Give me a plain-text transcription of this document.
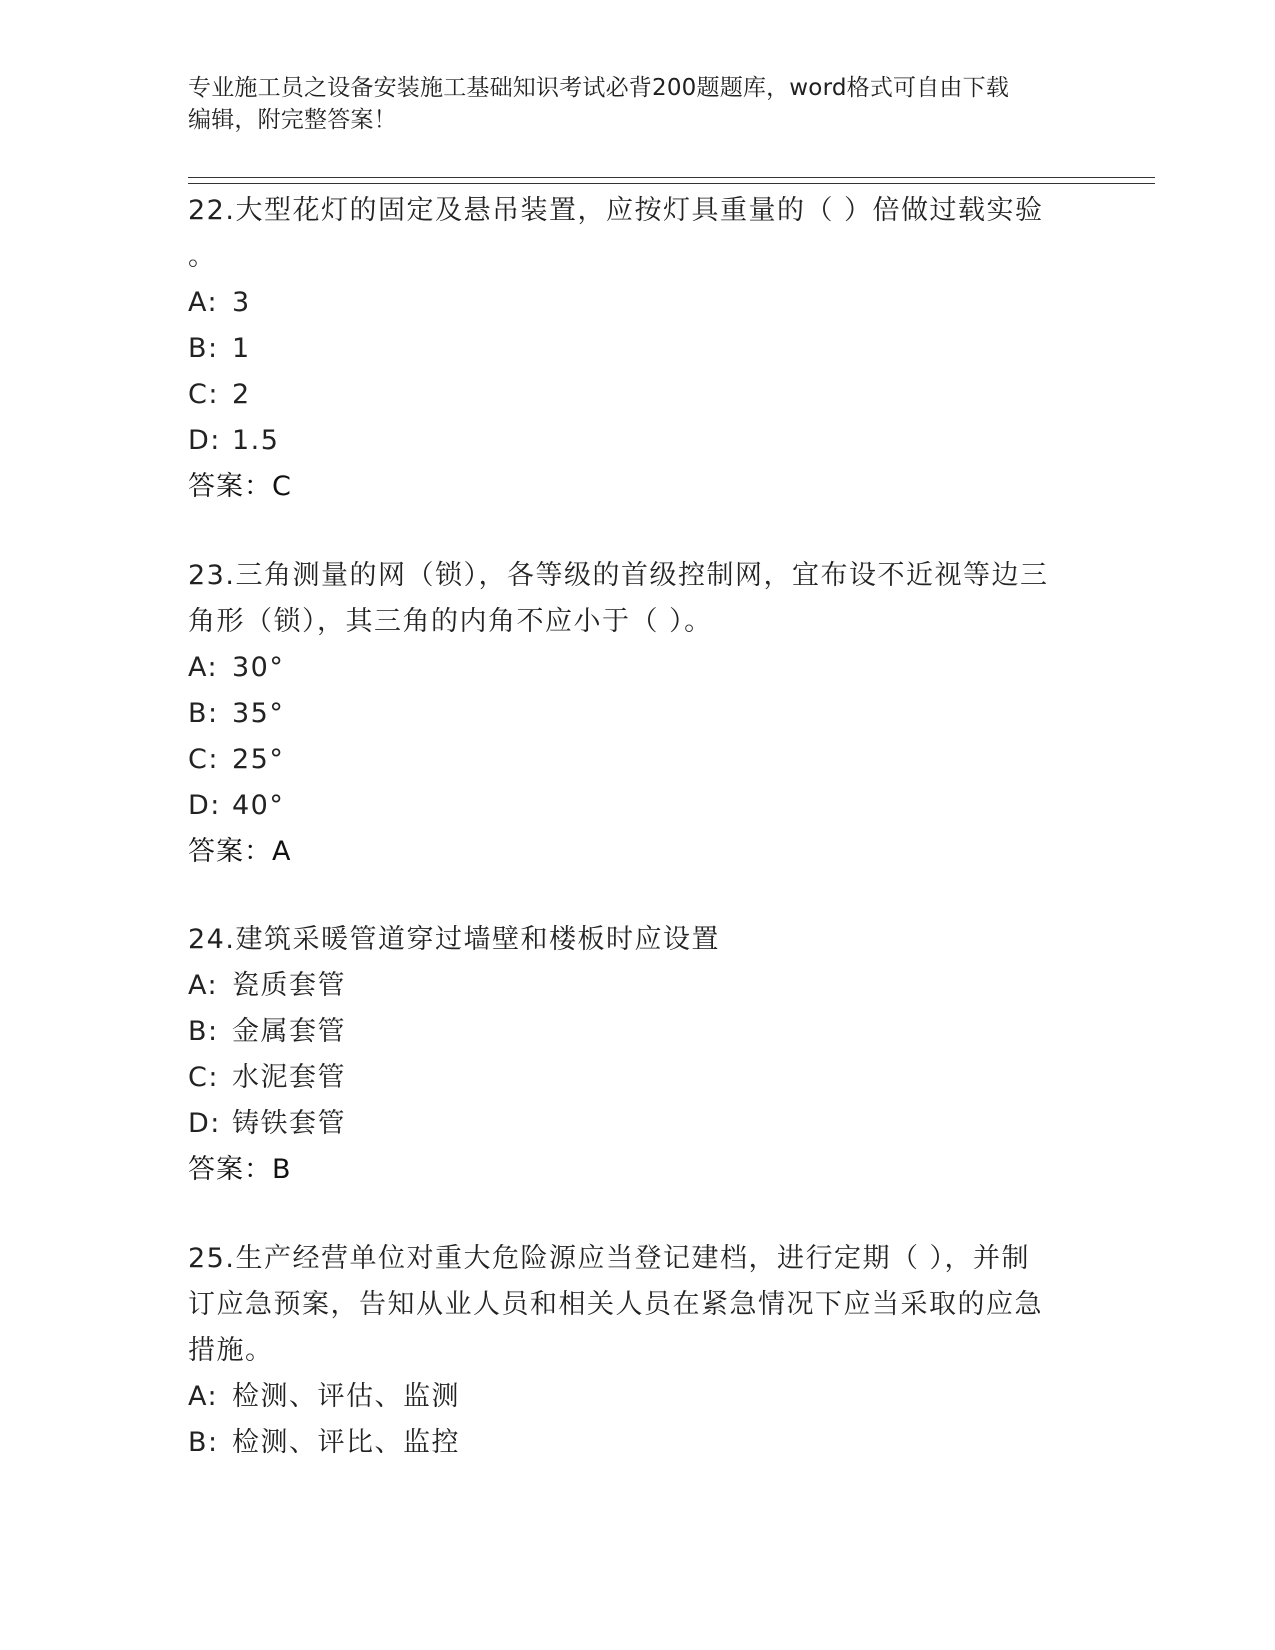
专业施工员之设备安装施工基础知识考试必背200题题库，word格式可自由下载
编辑，附完整答案！
22.大型花灯的固定及悬吊装置，应按灯具重量的（ ）倍做过载实验
。
A: 3
B: 1
C: 2
D: 1.5
答案：C
23.三角测量的网（锁），各等级的首级控制网，宜布设不近视等边三
角形（锁），其三角的内角不应小于（ ）。
A: 30°
B: 35°
C: 25°
D: 40°
答案：A
24.建筑采暖管道穿过墙壁和楼板时应设置
A: 瓷质套管
B: 金属套管
C: 水泥套管
D: 铸铁套管
答案：B
25.生产经营单位对重大危险源应当登记建档，进行定期（ ），并制
订应急预案，告知从业人员和相关人员在紧急情况下应当采取的应急
措施。
A: 检测、评估、监测
B: 检测、评比、监控
